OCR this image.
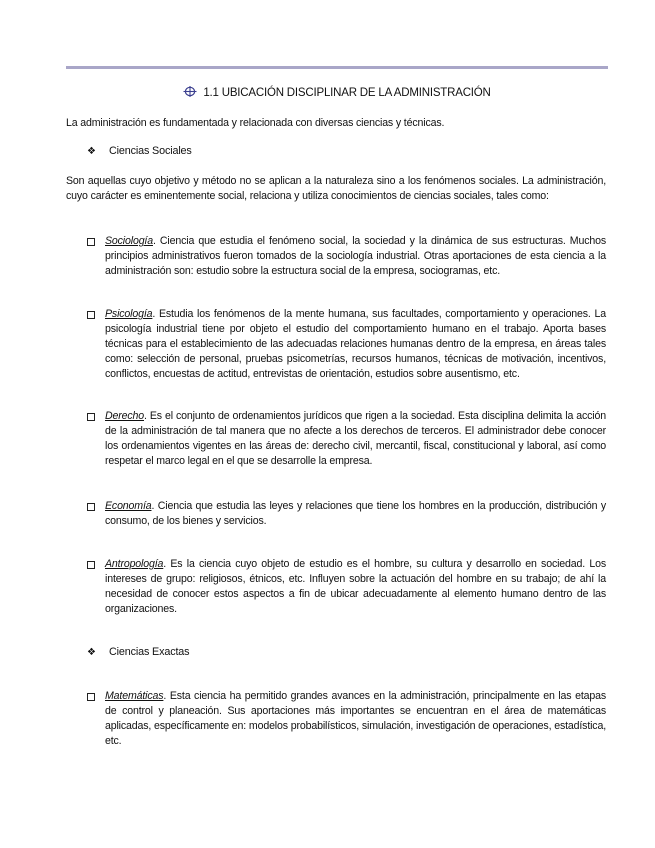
1.1 UBICACIÓN DISCIPLINAR DE LA ADMINISTRACIÓN
La administración es fundamentada y relacionada con diversas ciencias y técnicas.
❖ Ciencias Sociales
Son aquellas cuyo objetivo y método no se aplican a la naturaleza sino a los fenómenos sociales. La administración, cuyo carácter es eminentemente social, relaciona y utiliza conocimientos de ciencias sociales, tales como:
Sociología. Ciencia que estudia el fenómeno social, la sociedad y la dinámica de sus estructuras. Muchos principios administrativos fueron tomados de la sociología industrial. Otras aportaciones de esta ciencia a la administración son: estudio sobre la estructura social de la empresa, sociogramas, etc.
Psicología. Estudia los fenómenos de la mente humana, sus facultades, comportamiento y operaciones. La psicología industrial tiene por objeto el estudio del comportamiento humano en el trabajo. Aporta bases técnicas para el establecimiento de las adecuadas relaciones humanas dentro de la empresa, en áreas tales como: selección de personal, pruebas psicometrías, recursos humanos, técnicas de motivación, incentivos, conflictos, encuestas de actitud, entrevistas de orientación, estudios sobre ausentismo, etc.
Derecho. Es el conjunto de ordenamientos jurídicos que rigen a la sociedad. Esta disciplina delimita la acción de la administración de tal manera que no afecte a los derechos de terceros. El administrador debe conocer los ordenamientos vigentes en las áreas de: derecho civil, mercantil, fiscal, constitucional y laboral, así como respetar el marco legal en el que se desarrolle la empresa.
Economía. Ciencia que estudia las leyes y relaciones que tiene los hombres en la producción, distribución y consumo, de los bienes y servicios.
Antropología. Es la ciencia cuyo objeto de estudio es el hombre, su cultura y desarrollo en sociedad. Los intereses de grupo: religiosos, étnicos, etc. Influyen sobre la actuación del hombre en su trabajo; de ahí la necesidad de conocer estos aspectos a fin de ubicar adecuadamente al elemento humano dentro de las organizaciones.
❖ Ciencias Exactas
Matemáticas. Esta ciencia ha permitido grandes avances en la administración, principalmente en las etapas de control y planeación. Sus aportaciones más importantes se encuentran en el área de matemáticas aplicadas, específicamente en: modelos probabilísticos, simulación, investigación de operaciones, estadística, etc.
